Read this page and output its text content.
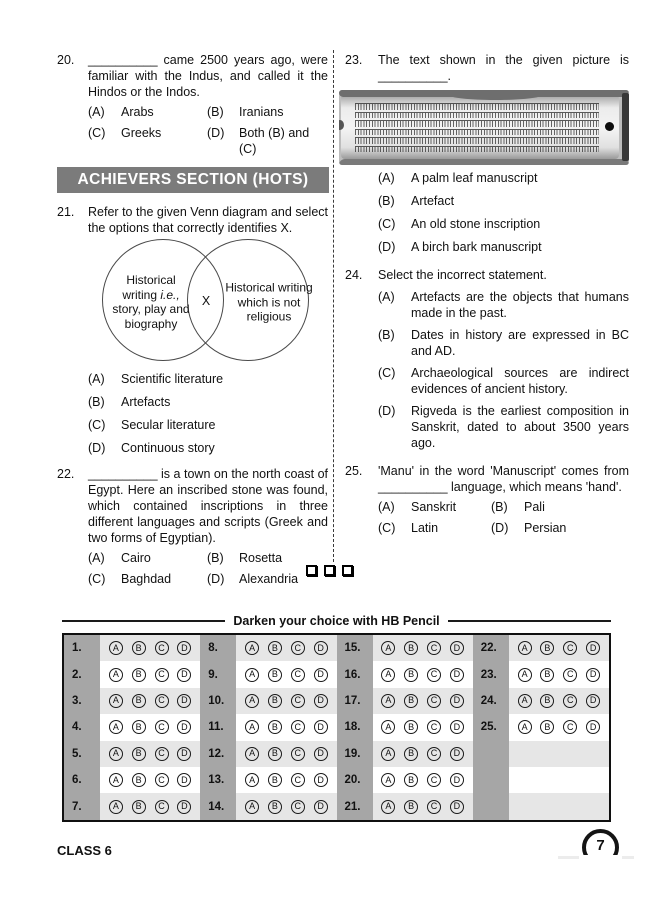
20.	__________ came 2500 years ago, were familiar with the Indus, and called it the Hindos or the Indos.

(A)	Arabs	(B)	Iranians
(C)	Greeks	(D)	Both (B) and (C)
ACHIEVERS SECTION (HOTS)
21.	Refer to the given Venn diagram and select the options that correctly identifies X.

Historical writing i.e., story, play and biography
Historical writing which is not religious
X
(A)	Scientific literature
(B)	Artefacts
(C)	Secular literature
(D)	Continuous story
22.	__________ is a town on the north coast of Egypt. Here an inscribed stone was found, which contained inscriptions in three different languages and scripts (Greek and two forms of Egyptian).

(A)	Cairo	(B)	Rosetta
(C)	Baghdad	(D)	Alexandria
23.	The text shown in the given picture is __________.

(A)	A palm leaf manuscript
(B)	Artefact
(C)	An old stone inscription
(D)	A birch bark manuscript
24.	Select the incorrect statement.

(A)	Artefacts are the objects that humans made in the past.
(B)	Dates in history are expressed in BC and AD.
(C)	Archaeological sources are indirect evidences of ancient history.
(D)	Rigveda is the earliest composition in Sanskrit, dated to about 3500 years ago.
25.	'Manu' in the word 'Manuscript' comes from __________ language, which means 'hand'.

(A)	Sanskrit	(B)	Pali
(C)	Latin	(D)	Persian
Darken your choice with HB Pencil
1.	A	B	C	D
2.	A	B	C	D
3.	A	B	C	D
4.	A	B	C	D
5.	A	B	C	D
6.	A	B	C	D
7.	A	B	C	D
8.	A	B	C	D
9.	A	B	C	D
10.	A	B	C	D
11.	A	B	C	D
12.	A	B	C	D
13.	A	B	C	D
14.	A	B	C	D
15.	A	B	C	D
16.	A	B	C	D
17.	A	B	C	D
18.	A	B	C	D
19.	A	B	C	D
20.	A	B	C	D
21.	A	B	C	D
22.	A	B	C	D
23.	A	B	C	D
24.	A	B	C	D
25.	A	B	C	D
CLASS 6	7
